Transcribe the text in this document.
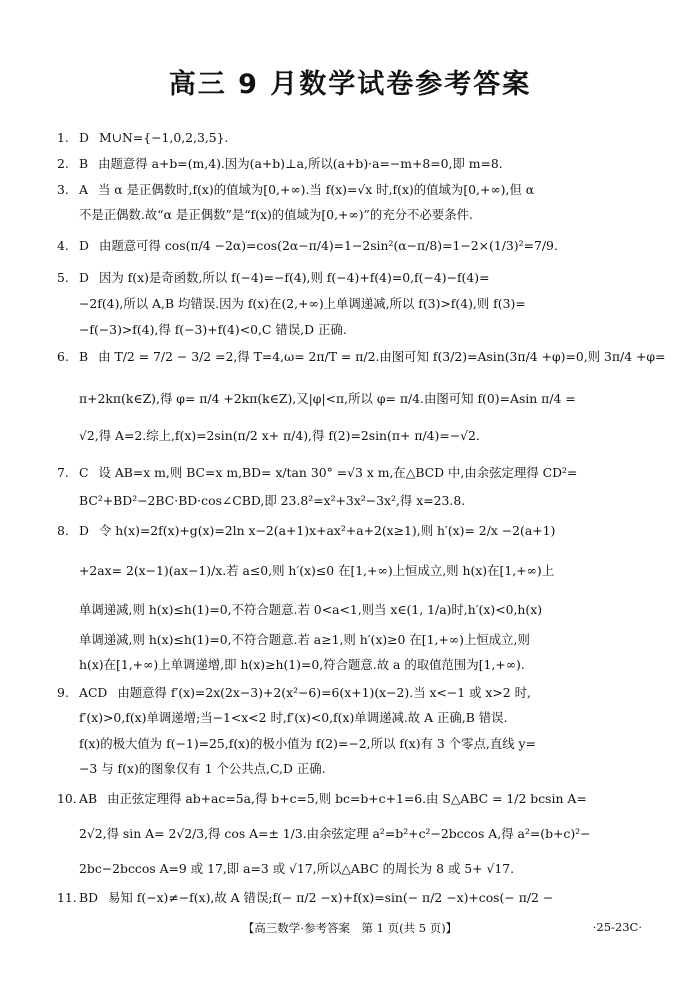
高三 9 月数学试卷参考答案
1. D M∪N={−1,0,2,3,5}.
2. B 由题意得 a+b=(m,4).因为(a+b)⊥a,所以(a+b)·a=−m+8=0,即 m=8.
3. A 当 α 是正偶数时,f(x)的值域为[0,+∞).当 f(x)=√x 时,f(x)的值域为[0,+∞),但 α
不是正偶数.故“α 是正偶数”是“f(x)的值域为[0,+∞)”的充分不必要条件.
4. D 由题意可得 cos(π/4 −2α)=cos(2α−π/4)=1−2sin²(α−π/8)=1−2×(1/3)²=7/9.
5. D 因为 f(x)是奇函数,所以 f(−4)=−f(4),则 f(−4)+f(4)=0,f(−4)−f(4)=
−2f(4),所以 A,B 均错误.因为 f(x)在(2,+∞)上单调递减,所以 f(3)>f(4),则 f(3)=
−f(−3)>f(4),得 f(−3)+f(4)<0,C 错误,D 正确.
6. B 由 T/2 = 7/2 − 3/2 =2,得 T=4,ω= 2π/T = π/2.由图可知 f(3/2)=Asin(3π/4 +φ)=0,则 3π/4 +φ=
π+2kπ(k∈Z),得 φ= π/4 +2kπ(k∈Z),又|φ|<π,所以 φ= π/4.由图可知 f(0)=Asin π/4 =
√2,得 A=2.综上,f(x)=2sin(π/2 x+ π/4),得 f(2)=2sin(π+ π/4)=−√2.
7. C 设 AB=x m,则 BC=x m,BD= x/tan 30° =√3 x m,在△BCD 中,由余弦定理得 CD²=
BC²+BD²−2BC·BD·cos∠CBD,即 23.8²=x²+3x²−3x²,得 x=23.8.
8. D 令 h(x)=2f(x)+g(x)=2ln x−2(a+1)x+ax²+a+2(x≥1),则 h′(x)= 2/x −2(a+1)
+2ax= 2(x−1)(ax−1)/x.若 a≤0,则 h′(x)≤0 在[1,+∞)上恒成立,则 h(x)在[1,+∞)上
单调递减,则 h(x)≤h(1)=0,不符合题意.若 0<a<1,则当 x∈(1, 1/a)时,h′(x)<0,h(x)
单调递减,则 h(x)≤h(1)=0,不符合题意.若 a≥1,则 h′(x)≥0 在[1,+∞)上恒成立,则
h(x)在[1,+∞)上单调递增,即 h(x)≥h(1)=0,符合题意.故 a 的取值范围为[1,+∞).
9. ACD 由题意得 f′(x)=2x(2x−3)+2(x²−6)=6(x+1)(x−2).当 x<−1 或 x>2 时,
f′(x)>0,f(x)单调递增;当−1<x<2 时,f′(x)<0,f(x)单调递减.故 A 正确,B 错误.
f(x)的极大值为 f(−1)=25,f(x)的极小值为 f(2)=−2,所以 f(x)有 3 个零点,直线 y=
−3 与 f(x)的图象仅有 1 个公共点,C,D 正确.
10. AB 由正弦定理得 ab+ac=5a,得 b+c=5,则 bc=b+c+1=6.由 S△ABC = 1/2 bcsin A=
2√2,得 sin A= 2√2/3,得 cos A=± 1/3.由余弦定理 a²=b²+c²−2bccos A,得 a²=(b+c)²−
2bc−2bccos A=9 或 17,即 a=3 或 √17,所以△ABC 的周长为 8 或 5+ √17.
11. BD 易知 f(−x)≠−f(x),故 A 错误;f(− π/2 −x)+f(x)=sin(− π/2 −x)+cos(− π/2 −
【高三数学·参考答案　第 1 页(共 5 页)】	·25-23C·
